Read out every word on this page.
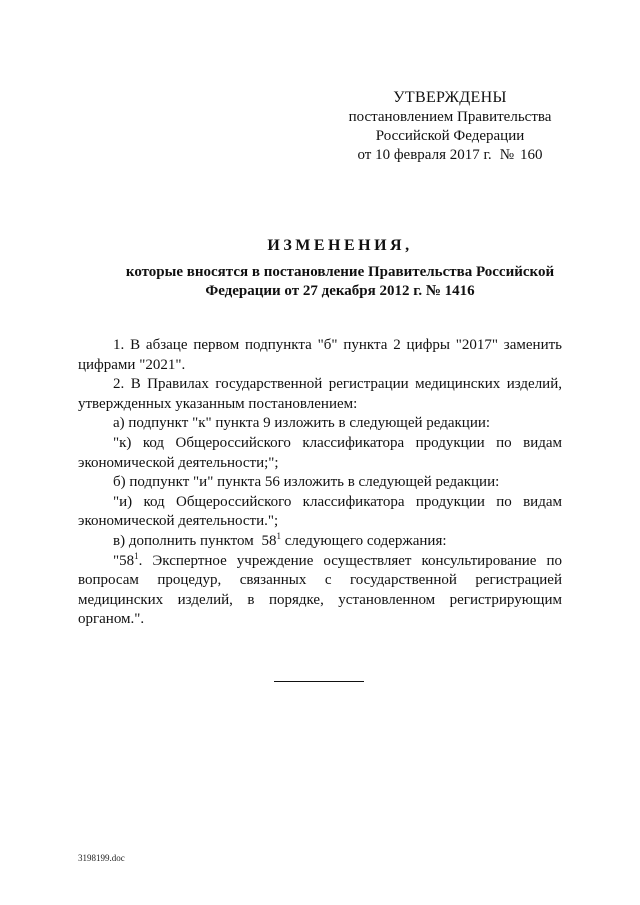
УТВЕРЖДЕНЫ
постановлением Правительства
Российской Федерации
от 10 февраля 2017 г. № 160
ИЗМЕНЕНИЯ,
которые вносятся в постановление Правительства Российской
Федерации от 27 декабря 2012 г. № 1416

1. В абзаце первом подпункта "б" пункта 2 цифры "2017" заменить цифрами "2021".

2. В Правилах государственной регистрации медицинских изделий, утвержденных указанным постановлением:

а) подпункт "к" пункта 9 изложить в следующей редакции:

"к) код Общероссийского классификатора продукции по видам экономической деятельности;";

б) подпункт "и" пункта 56 изложить в следующей редакции:

"и) код Общероссийского классификатора продукции по видам экономической деятельности.";

в) дополнить пунктом $58^1$ следующего содержания:

"$58^1$. Экспертное учреждение осуществляет консультирование по вопросам процедур, связанных с государственной регистрацией медицинских изделий, в порядке, установленном регистрирующим органом.".

3198199.doc
